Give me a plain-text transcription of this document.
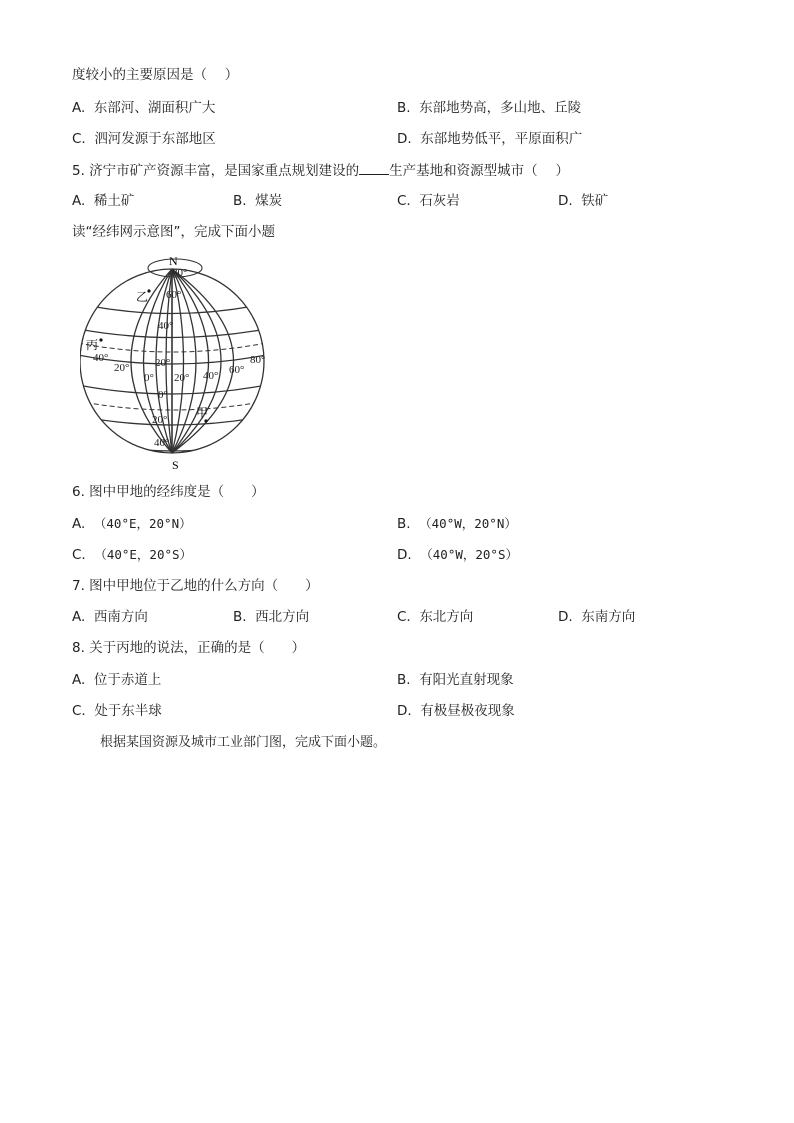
度较小的主要原因是（　 ）
A. 东部河、湖面积广大	B. 东部地势高，多山地、丘陵
C. 泗河发源于东部地区	D. 东部地势低平，平原面积广
5. 济宁市矿产资源丰富，是国家重点规划建设的 生产基地和资源型城市（　 ）
A. 稀土矿	B. 煤炭	C. 石灰岩	D. 铁矿
读“经纬网示意图”，完成下面小题
N
S
80°
60°
40°
20°
0°
20°
40°
40°
20°
0° 20° 40° 60°
80°
乙
丙
甲
6. 图中甲地的经纬度是（　　）
A. （40°E，20°N）	B. （40°W，20°N）
C. （40°E，20°S）	D. （40°W，20°S）
7. 图中甲地位于乙地的什么方向（　　）
A. 西南方向	B. 西北方向	C. 东北方向	D. 东南方向
8. 关于丙地的说法，正确的是（　　）
A. 位于赤道上	B. 有阳光直射现象
C. 处于东半球	D. 有极昼极夜现象
根据某国资源及城市工业部门图，完成下面小题。
